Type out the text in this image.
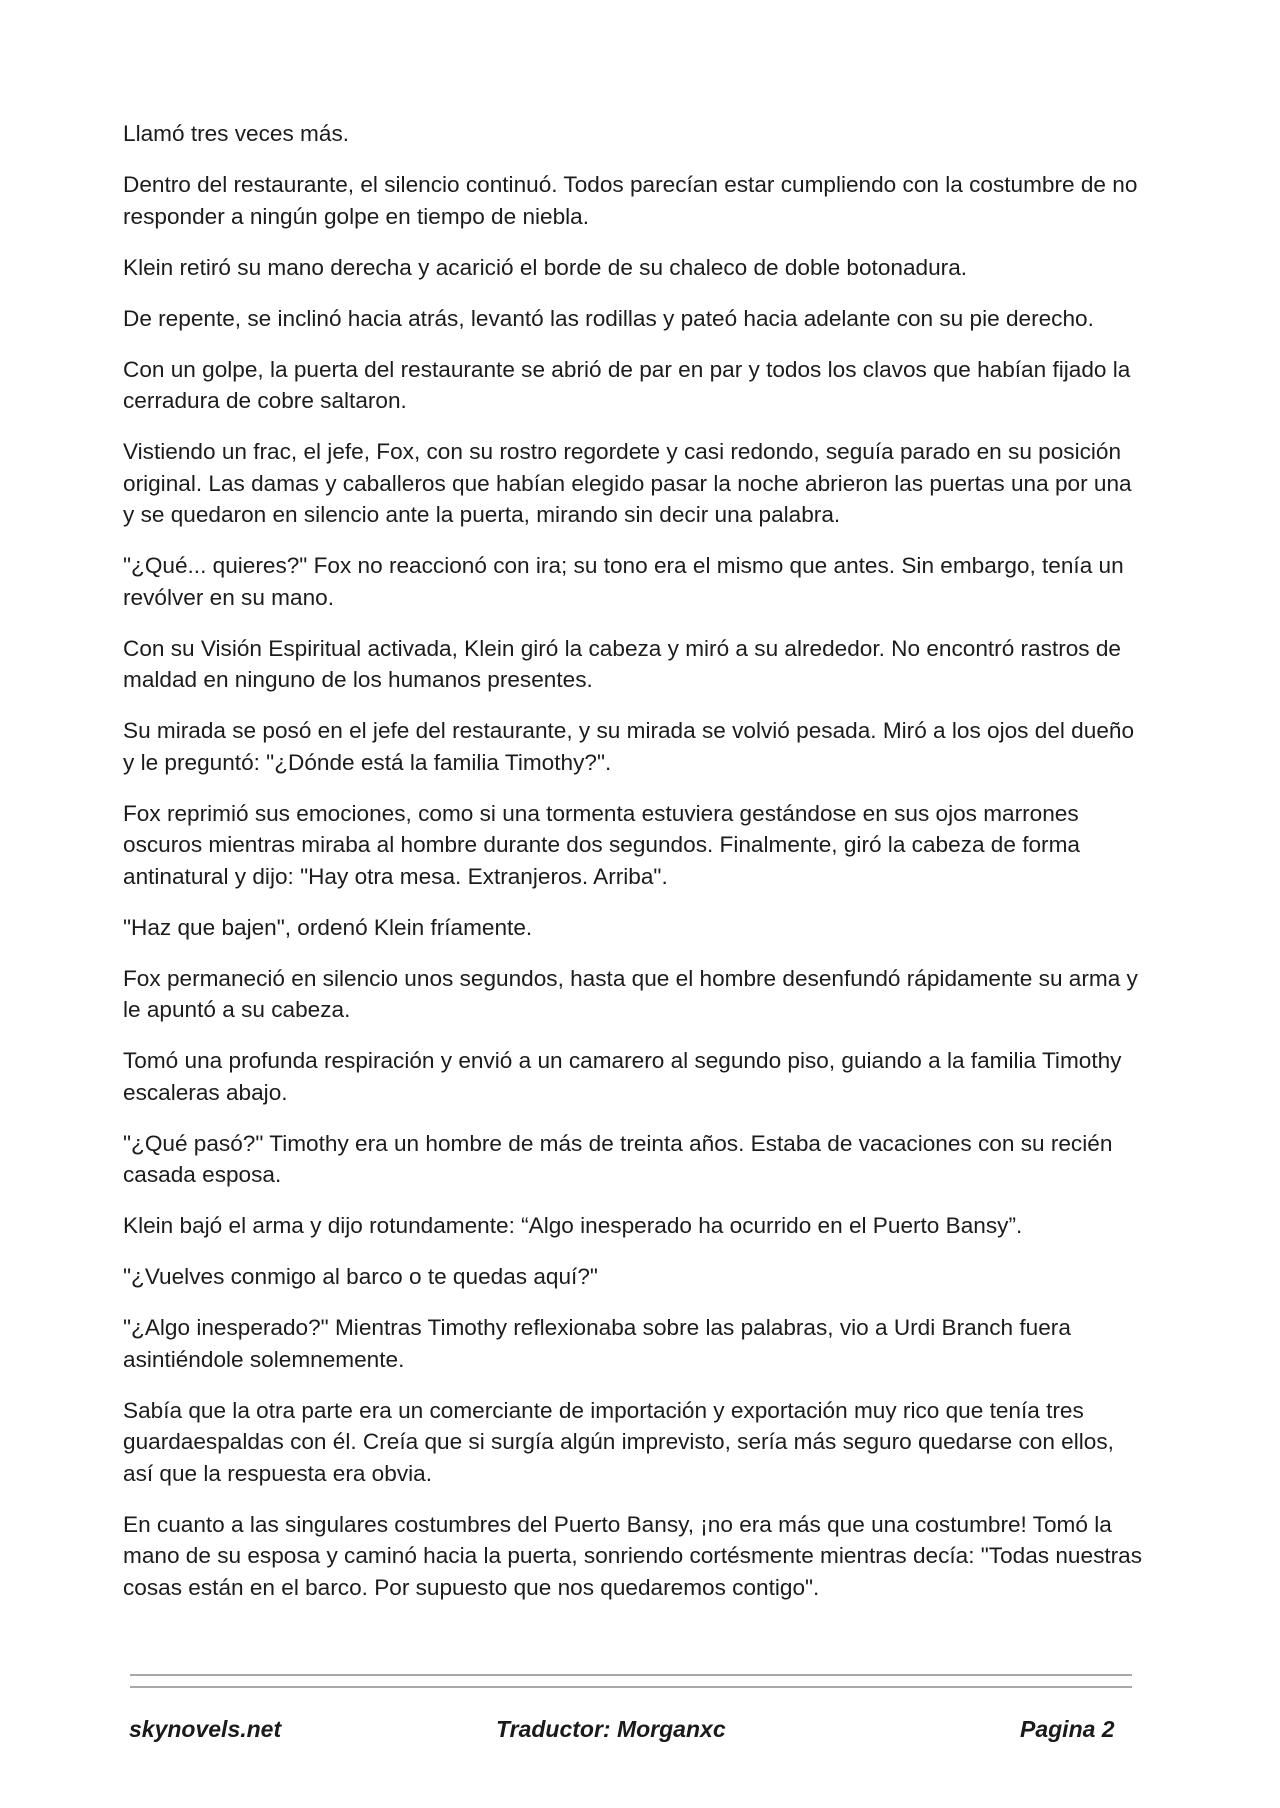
Llamó tres veces más.

Dentro del restaurante, el silencio continuó. Todos parecían estar cumpliendo con la costumbre de no responder a ningún golpe en tiempo de niebla.

Klein retiró su mano derecha y acarició el borde de su chaleco de doble botonadura.

De repente, se inclinó hacia atrás, levantó las rodillas y pateó hacia adelante con su pie derecho.

Con un golpe, la puerta del restaurante se abrió de par en par y todos los clavos que habían fijado la cerradura de cobre saltaron.

Vistiendo un frac, el jefe, Fox, con su rostro regordete y casi redondo, seguía parado en su posición original. Las damas y caballeros que habían elegido pasar la noche abrieron las puertas una por una y se quedaron en silencio ante la puerta, mirando sin decir una palabra.

"¿Qué... quieres?" Fox no reaccionó con ira; su tono era el mismo que antes. Sin embargo, tenía un revólver en su mano.

Con su Visión Espiritual activada, Klein giró la cabeza y miró a su alrededor. No encontró rastros de maldad en ninguno de los humanos presentes.

Su mirada se posó en el jefe del restaurante, y su mirada se volvió pesada. Miró a los ojos del dueño y le preguntó: "¿Dónde está la familia Timothy?".

Fox reprimió sus emociones, como si una tormenta estuviera gestándose en sus ojos marrones oscuros mientras miraba al hombre durante dos segundos. Finalmente, giró la cabeza de forma antinatural y dijo: "Hay otra mesa. Extranjeros. Arriba".

"Haz que bajen", ordenó Klein fríamente.

Fox permaneció en silencio unos segundos, hasta que el hombre desenfundó rápidamente su arma y le apuntó a su cabeza.

Tomó una profunda respiración y envió a un camarero al segundo piso, guiando a la familia Timothy escaleras abajo.

"¿Qué pasó?" Timothy era un hombre de más de treinta años. Estaba de vacaciones con su recién casada esposa.

Klein bajó el arma y dijo rotundamente: “Algo inesperado ha ocurrido en el Puerto Bansy”.

"¿Vuelves conmigo al barco o te quedas aquí?"

"¿Algo inesperado?" Mientras Timothy reflexionaba sobre las palabras, vio a Urdi Branch fuera asintiéndole solemnemente.

Sabía que la otra parte era un comerciante de importación y exportación muy rico que tenía tres guardaespaldas con él. Creía que si surgía algún imprevisto, sería más seguro quedarse con ellos, así que la respuesta era obvia.

En cuanto a las singulares costumbres del Puerto Bansy, ¡no era más que una costumbre! Tomó la mano de su esposa y caminó hacia la puerta, sonriendo cortésmente mientras decía: "Todas nuestras cosas están en el barco. Por supuesto que nos quedaremos contigo".

skynovels.net	Traductor: Morganxc	Pagina 2
